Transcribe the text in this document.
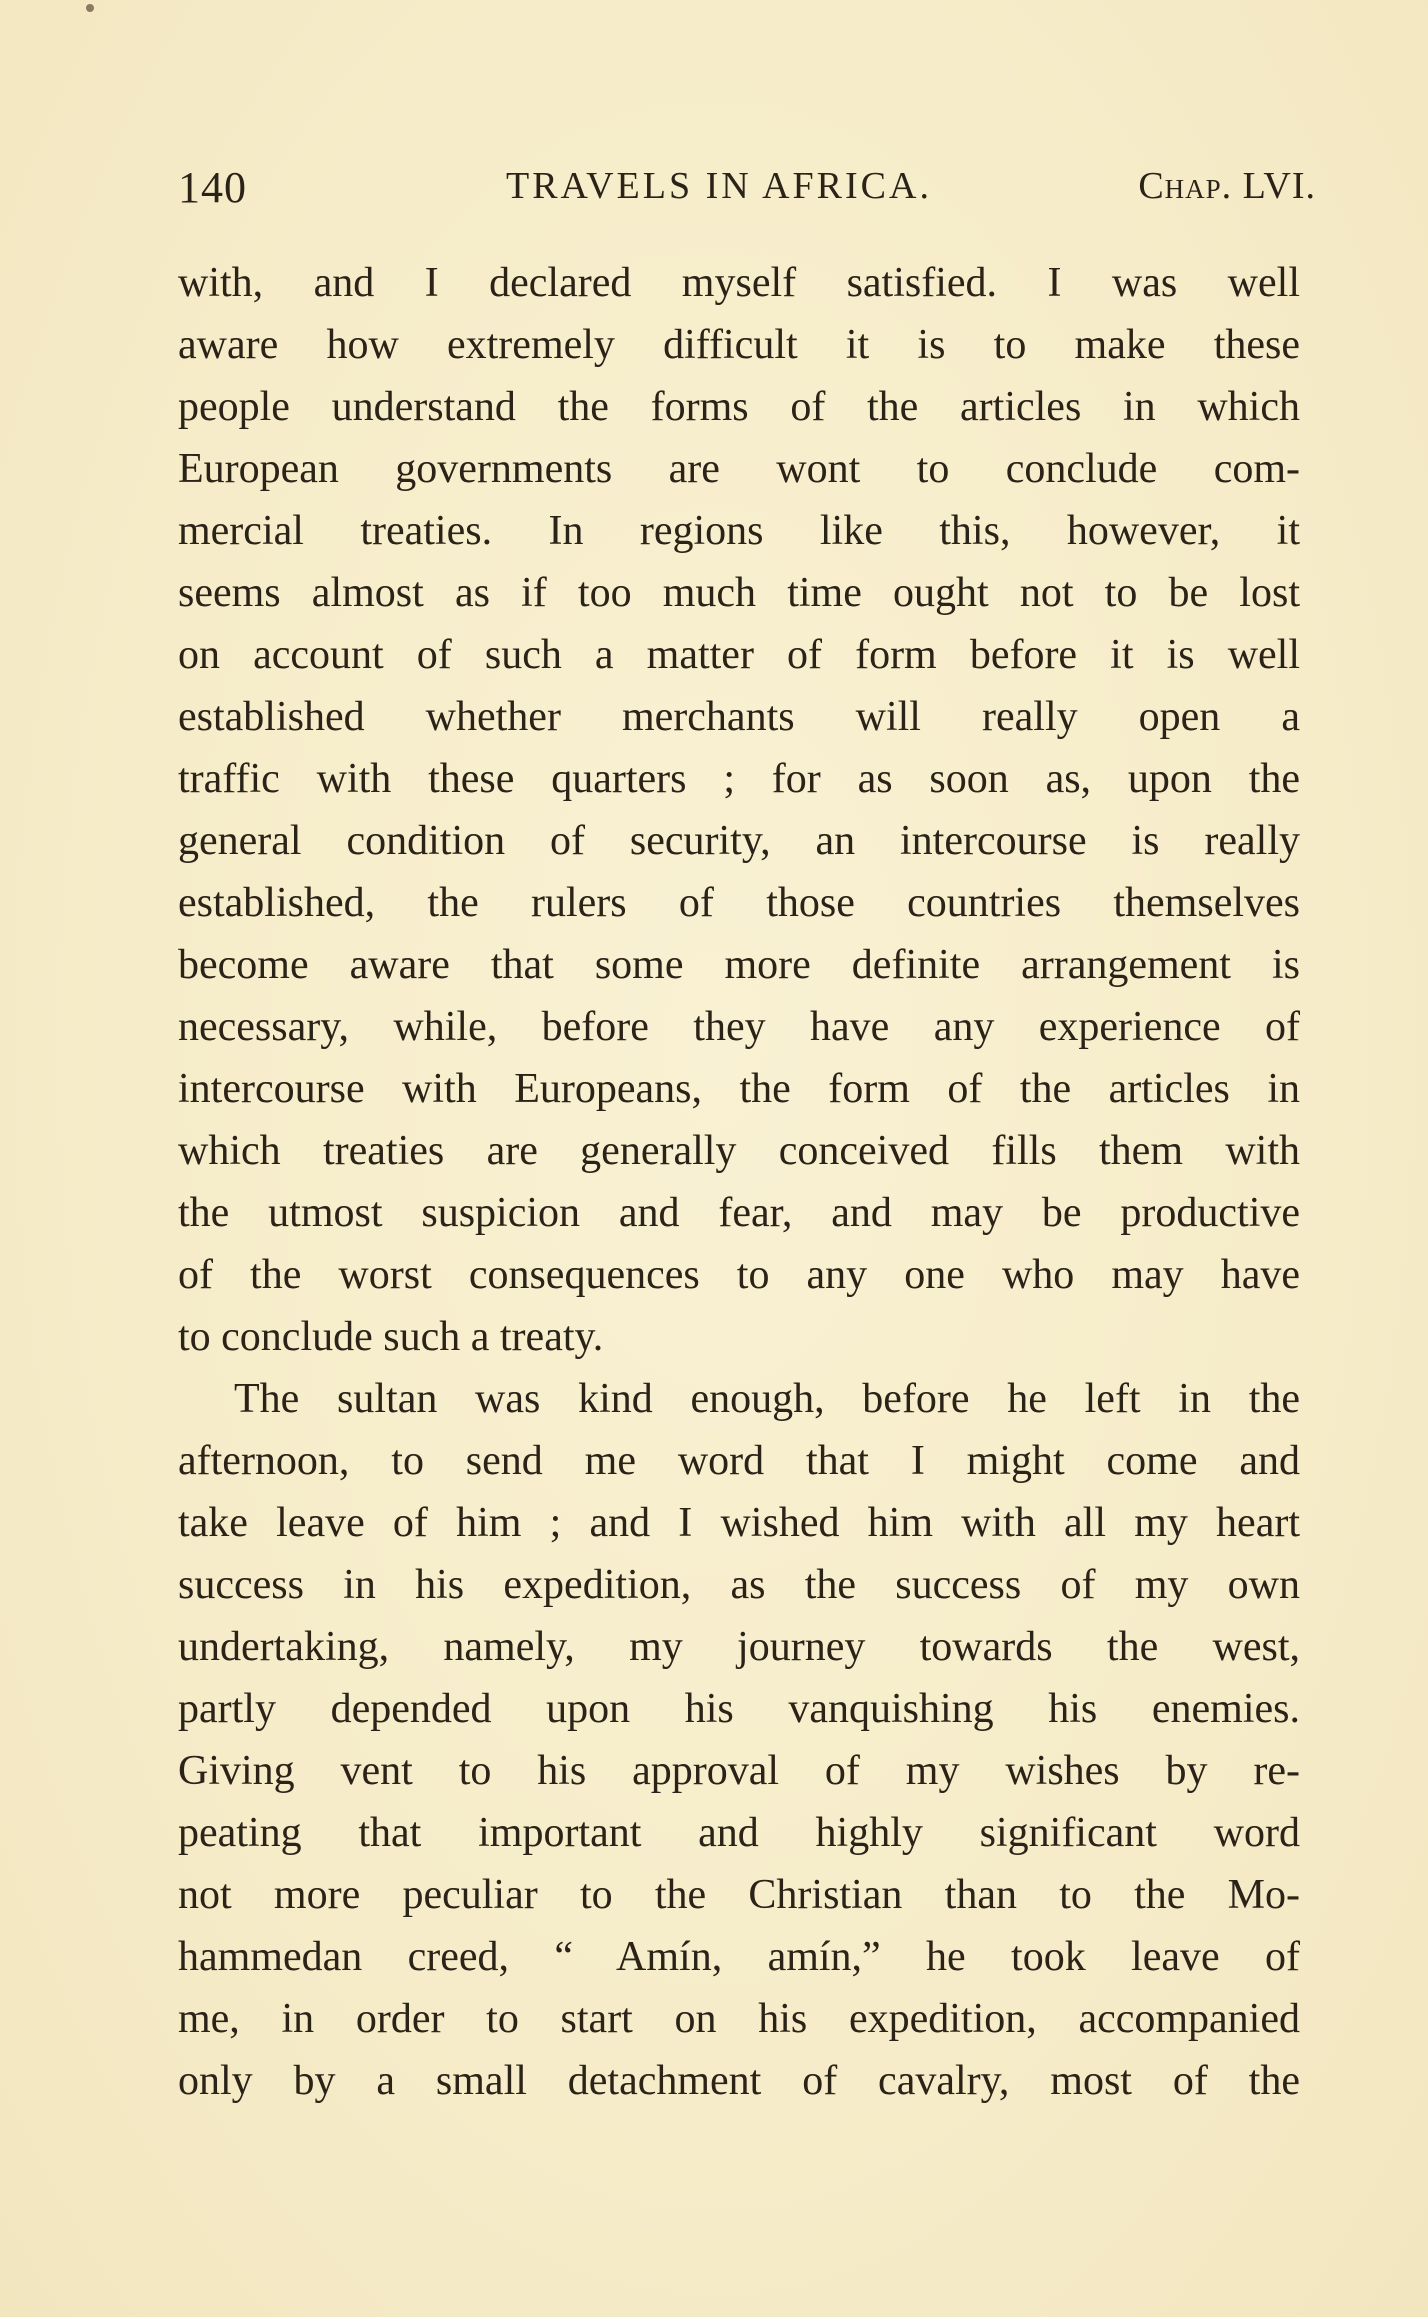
140	TRAVELS IN AFRICA.	Chap. LVI.
with, and I declared myself satisfied. I was well
aware how extremely difficult it is to make these
people understand the forms of the articles in which
European governments are wont to conclude com-
mercial treaties. In regions like this, however, it
seems almost as if too much time ought not to be lost
on account of such a matter of form before it is well
established whether merchants will really open a
traffic with these quarters ; for as soon as, upon the
general condition of security, an intercourse is really
established, the rulers of those countries themselves
become aware that some more definite arrangement is
necessary, while, before they have any experience of
intercourse with Europeans, the form of the articles in
which treaties are generally conceived fills them with
the utmost suspicion and fear, and may be productive
of the worst consequences to any one who may have
to conclude such a treaty.
The sultan was kind enough, before he left in the
afternoon, to send me word that I might come and
take leave of him ; and I wished him with all my heart
success in his expedition, as the success of my own
undertaking, namely, my journey towards the west,
partly depended upon his vanquishing his enemies.
Giving vent to his approval of my wishes by re-
peating that important and highly significant word
not more peculiar to the Christian than to the Mo-
hammedan creed, “ Amín, amín,” he took leave of
me, in order to start on his expedition, accompanied
only by a small detachment of cavalry, most of the
